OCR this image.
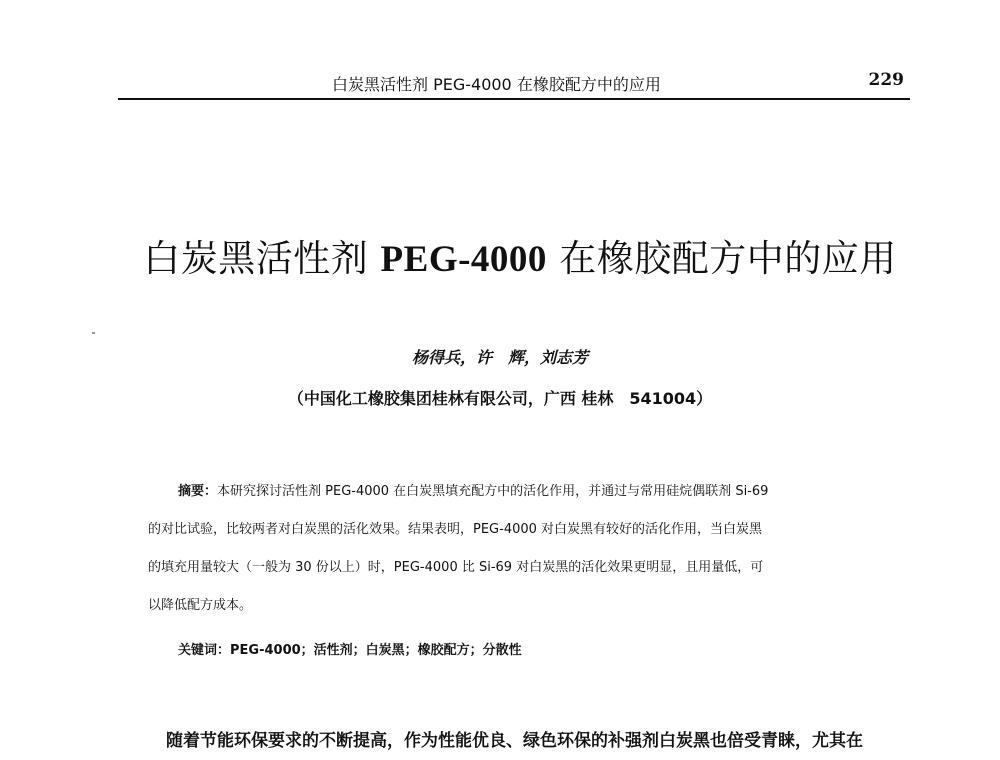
白炭黑活性剂 PEG-4000 在橡胶配方中的应用	229
白炭黑活性剂 PEG-4000 在橡胶配方中的应用
杨得兵，许　辉，刘志芳
（中国化工橡胶集团桂林有限公司，广西 桂林　541004）
摘要：本研究探讨活性剂 PEG-4000 在白炭黑填充配方中的活化作用，并通过与常用硅烷偶联剂 Si-69
的对比试验，比较两者对白炭黑的活化效果。结果表明，PEG-4000 对白炭黑有较好的活化作用，当白炭黑
的填充用量较大（一般为 30 份以上）时，PEG-4000 比 Si-69 对白炭黑的活化效果更明显，且用量低，可
以降低配方成本。
关键词：PEG-4000；活性剂；白炭黑；橡胶配方；分散性
随着节能环保要求的不断提高，作为性能优良、绿色环保的补强剂白炭黑也倍受青睐，尤其在
